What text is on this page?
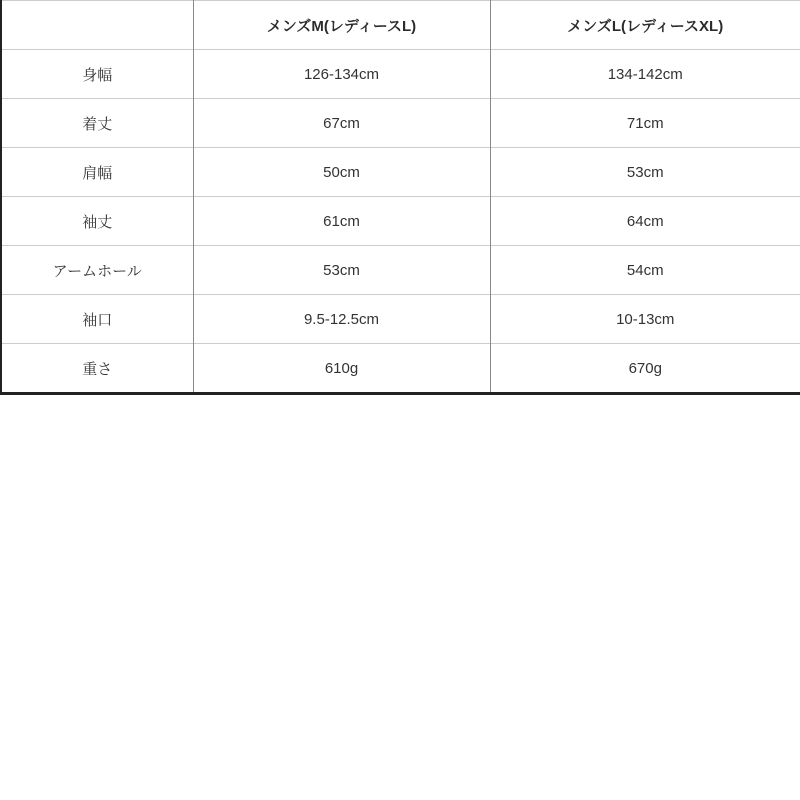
	メンズM(レディースL)	メンズL(レディースXL)
身幅	126-134cm	134-142cm
着丈	67cm	71cm
肩幅	50cm	53cm
袖丈	61cm	64cm
アームホール	53cm	54cm
袖口	9.5-12.5cm	10-13cm
重さ	610g	670g
